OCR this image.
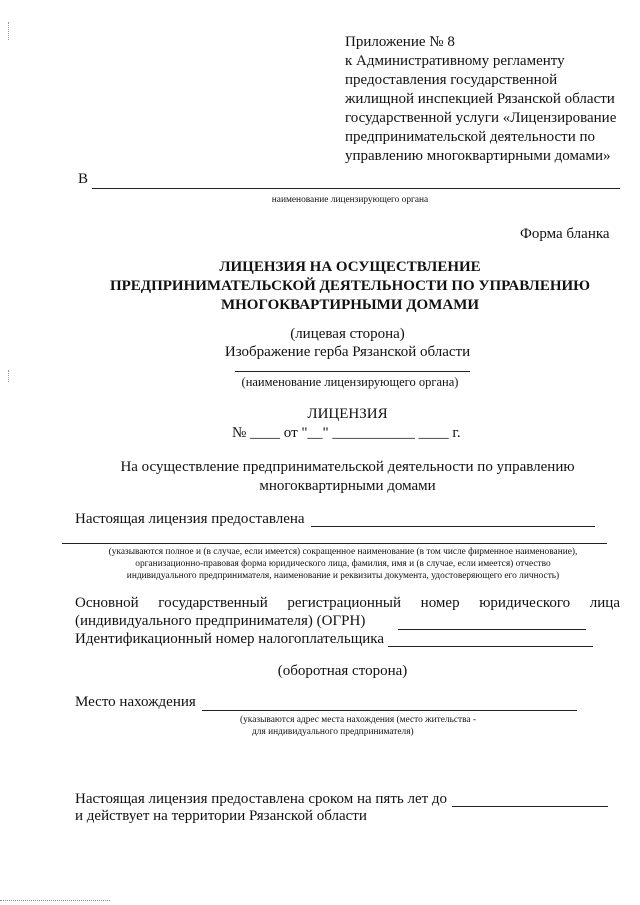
Приложение № 8
к Административному регламенту
предоставления государственной
жилищной инспекцией Рязанской области
государственной услуги «Лицензирование
предпринимательской деятельности по
управлению многоквартирными домами»
В
наименование лицензирующего органа
Форма бланка
ЛИЦЕНЗИЯ НА ОСУЩЕСТВЛЕНИЕ
ПРЕДПРИНИМАТЕЛЬСКОЙ ДЕЯТЕЛЬНОСТИ ПО УПРАВЛЕНИЮ
МНОГОКВАРТИРНЫМИ ДОМАМИ
(лицевая сторона)
Изображение герба Рязанской области
(наименование лицензирующего органа)
ЛИЦЕНЗИЯ
№ ____ от "__" ___________ ____ г.
На осуществление предпринимательской деятельности по управлению
многоквартирными домами
Настоящая лицензия предоставлена
(указываются полное и (в случае, если имеется) сокращенное наименование (в том числе фирменное наименование),
организационно-правовая форма юридического лица, фамилия, имя и (в случае, если имеется) отчество
индивидуального предпринимателя, наименование и реквизиты документа, удостоверяющего его личность)
Основной государственный регистрационный номер юридического лица
(индивидуального предпринимателя) (ОГРН)
Идентификационный номер налогоплательщика
(оборотная сторона)
Место нахождения
(указываются адрес места нахождения (место жительства -
для индивидуального предпринимателя)
Настоящая лицензия предоставлена сроком на пять лет до
и действует на территории Рязанской области
